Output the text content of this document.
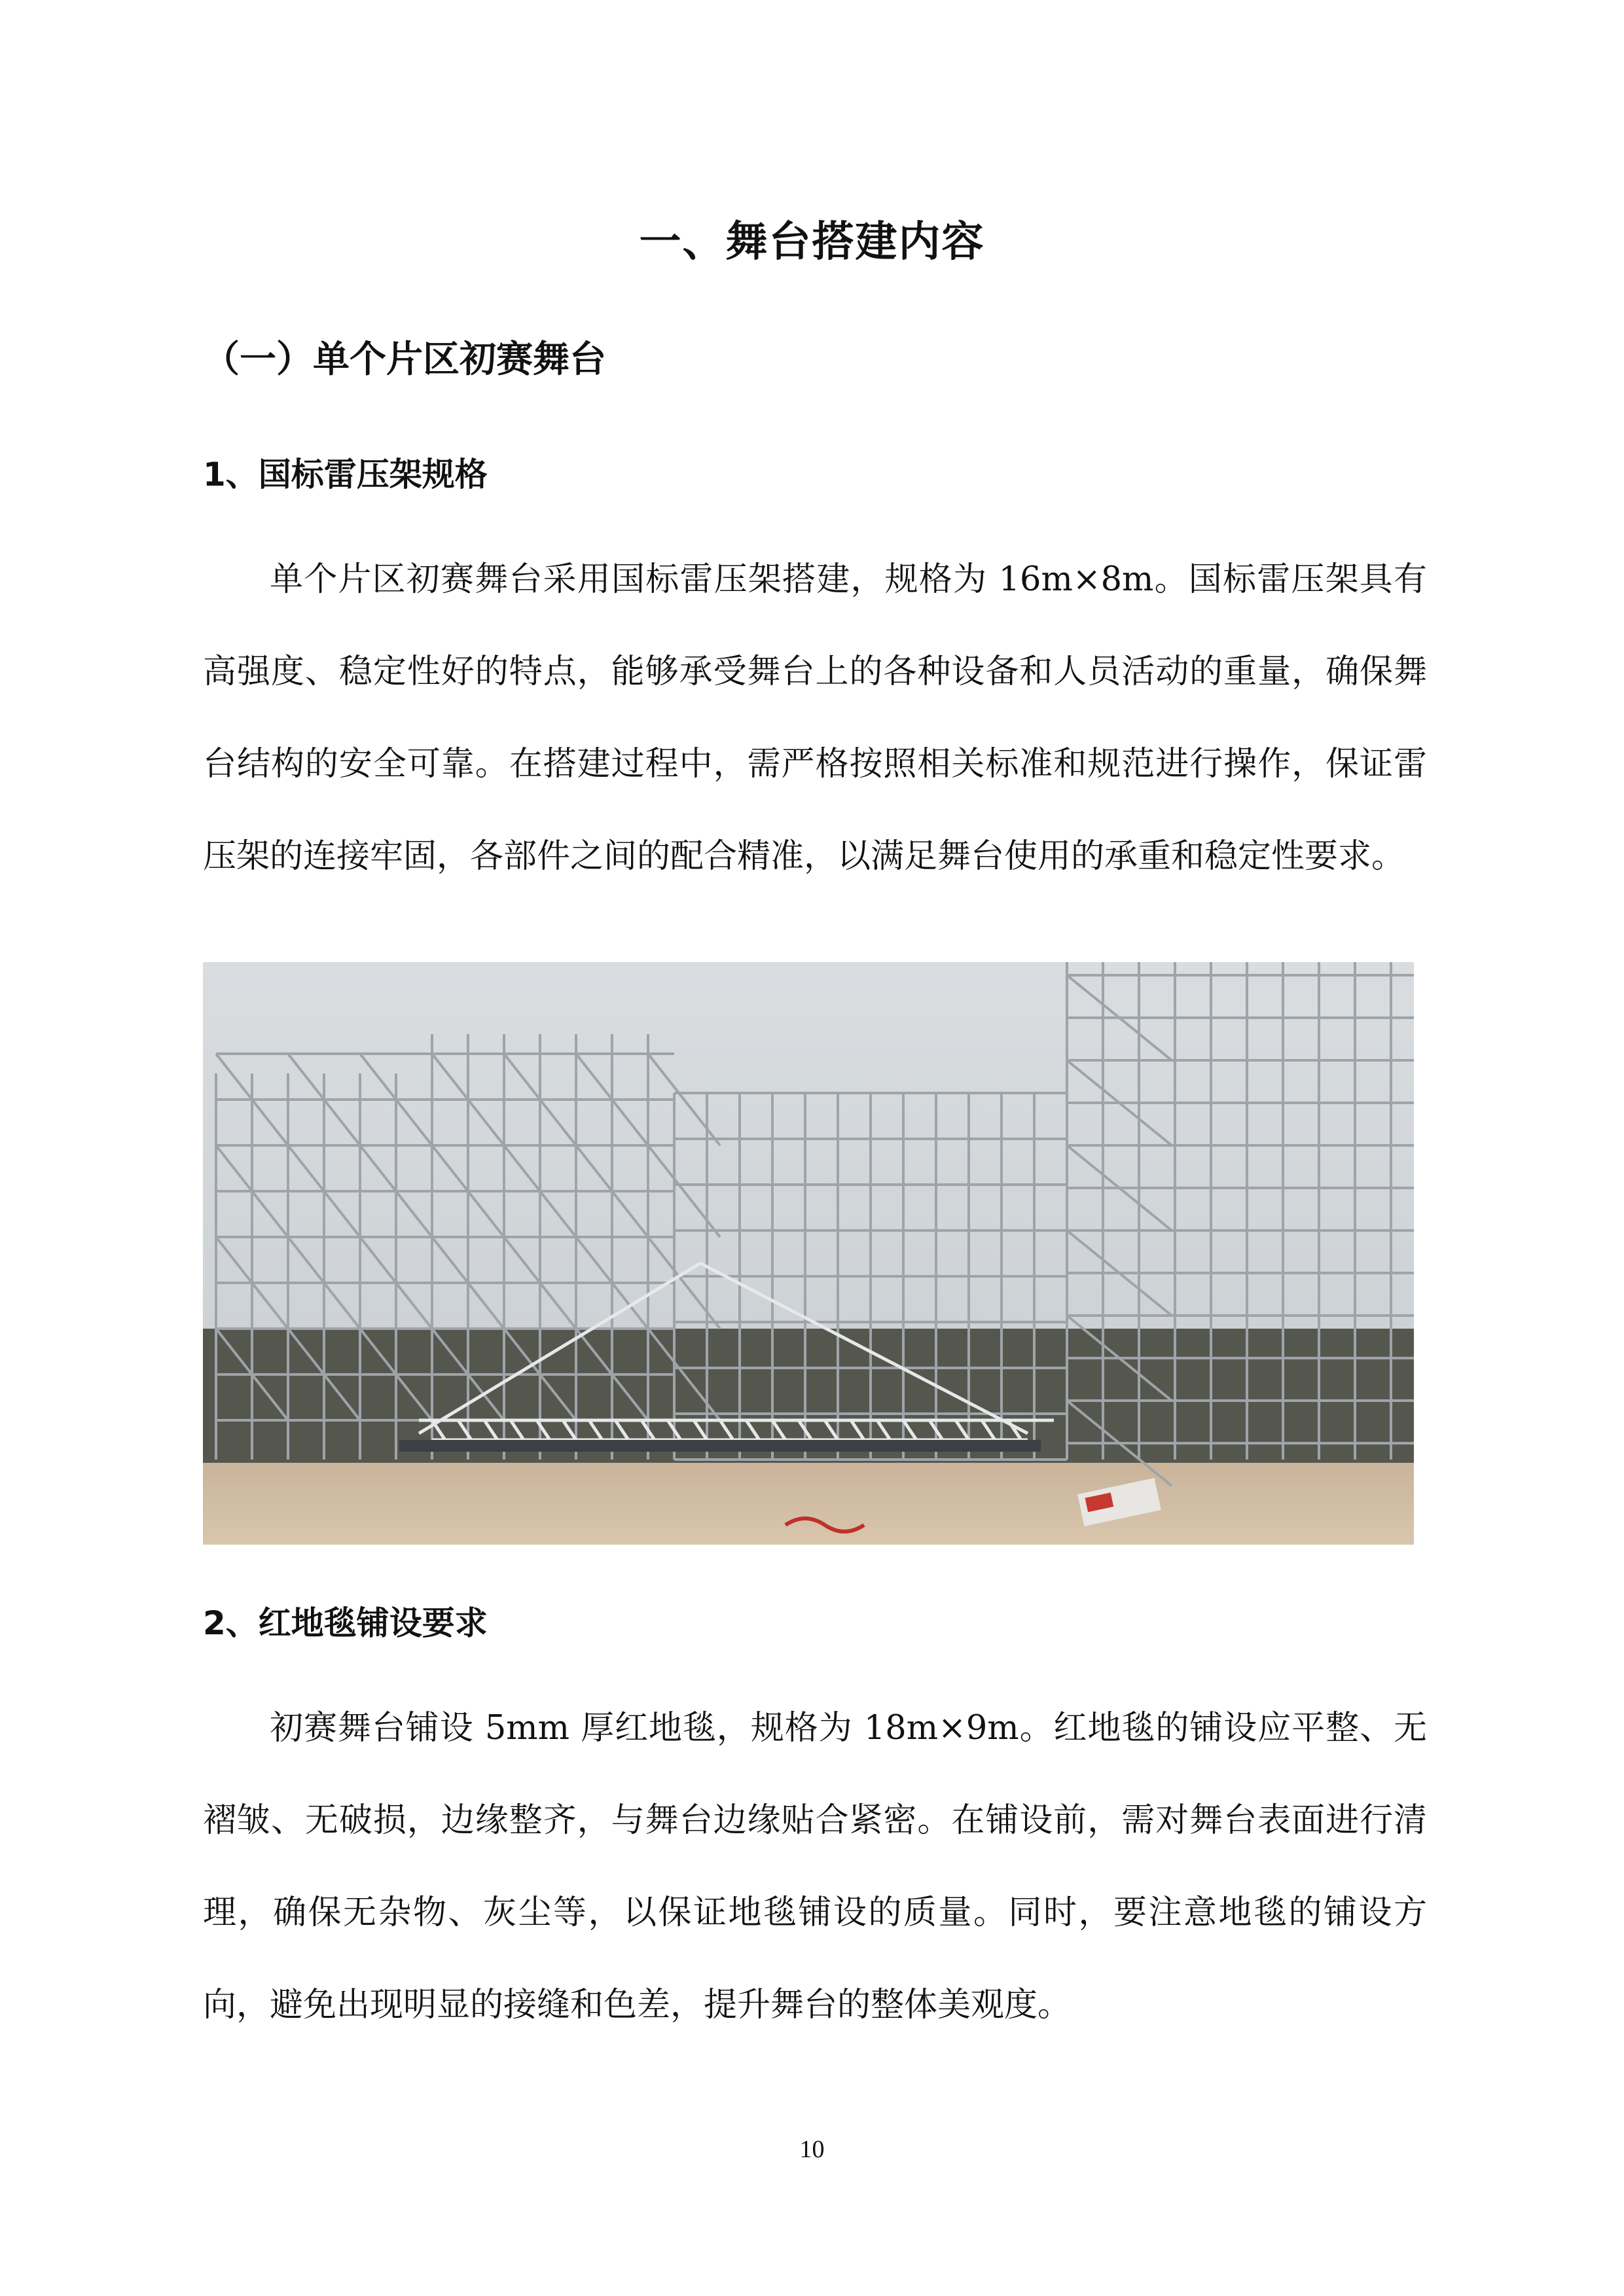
一、舞台搭建内容
（一）单个片区初赛舞台
1、国标雷压架规格

单个片区初赛舞台采用国标雷压架搭建，规格为 16m×8m。国标雷压架具有高强度、稳定性好的特点，能够承受舞台上的各种设备和人员活动的重量，确保舞台结构的安全可靠。在搭建过程中，需严格按照相关标准和规范进行操作，保证雷压架的连接牢固，各部件之间的配合精准，以满足舞台使用的承重和稳定性要求。

2、红地毯铺设要求

初赛舞台铺设 5mm 厚红地毯，规格为 18m×9m。红地毯的铺设应平整、无褶皱、无破损，边缘整齐，与舞台边缘贴合紧密。在铺设前，需对舞台表面进行清理，确保无杂物、灰尘等，以保证地毯铺设的质量。同时，要注意地毯的铺设方向，避免出现明显的接缝和色差，提升舞台的整体美观度。

10
